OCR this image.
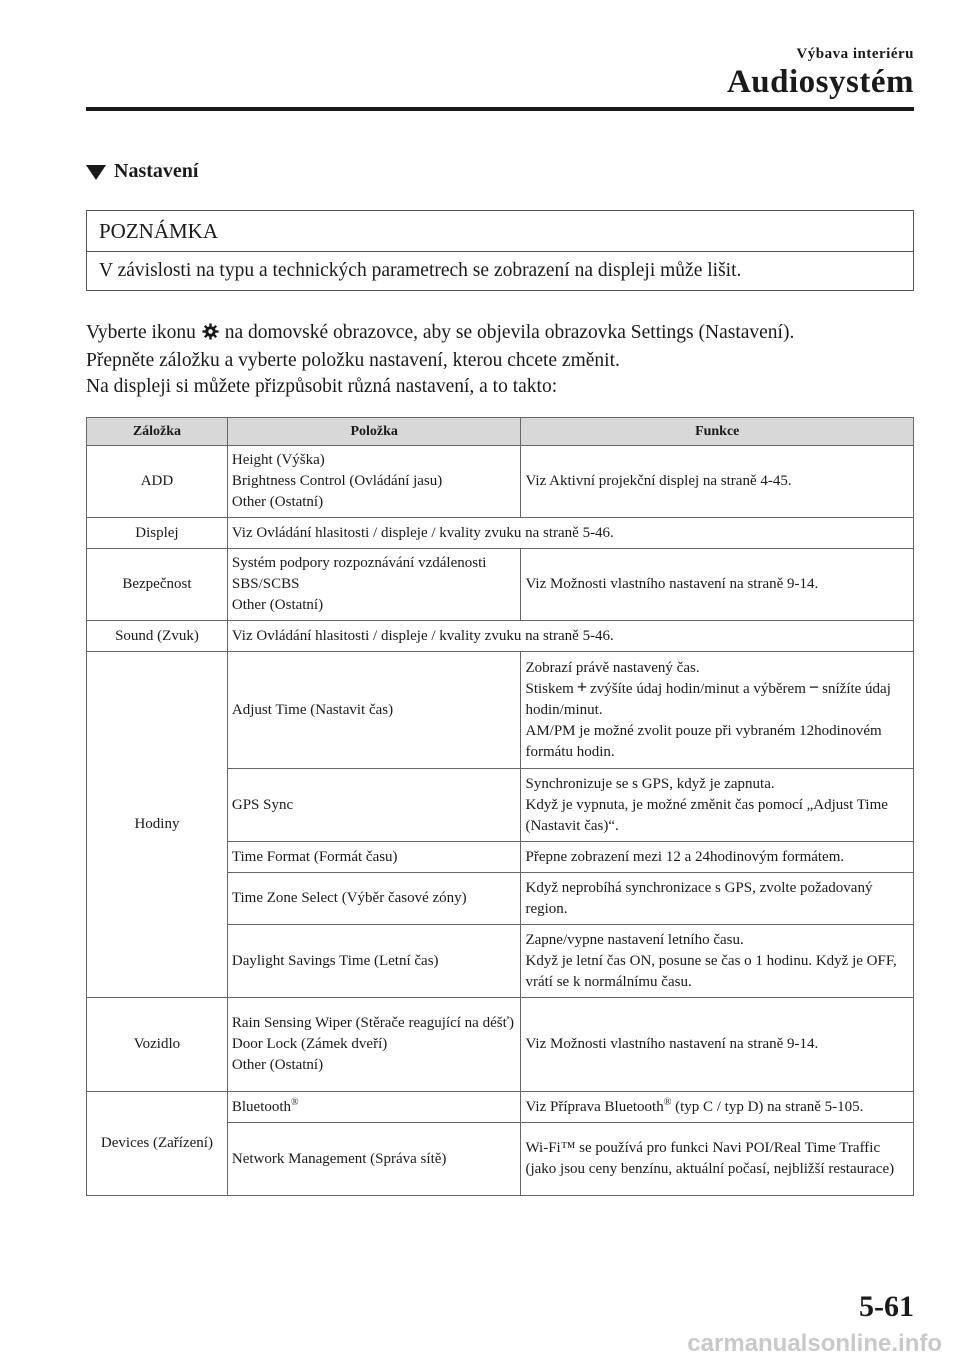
Výbava interiéru
Audiosystém
Nastavení
POZNÁMKA
V závislosti na typu a technických parametrech se zobrazení na displeji může lišit.

Vyberte ikonu na domovské obrazovce, aby se objevila obrazovka Settings (Nastavení).

Přepněte záložku a vyberte položku nastavení, kterou chcete změnit.

Na displeji si můžete přizpůsobit různá nastavení, a to takto:

Záložka	Položka	Funkce
ADD	Height (Výška)
Brightness Control (Ovládání jasu)
Other (Ostatní)	Viz Aktivní projekční displej na straně 4-45.
Displej	Viz Ovládání hlasitosti / displeje / kvality zvuku na straně 5-46.	
Bezpečnost	Systém podpory rozpoznávání vzdálenosti
SBS/SCBS
Other (Ostatní)	Viz Možnosti vlastního nastavení na straně 9-14.
Sound (Zvuk)	Viz Ovládání hlasitosti / displeje / kvality zvuku na straně 5-46.	
Hodiny	Adjust Time (Nastavit čas)	Zobrazí právě nastavený čas.
Stiskem + zvýšíte údaj hodin/minut a výběrem − snížíte údaj hodin/minut.
AM/PM je možné zvolit pouze při vybraném 12hodinovém formátu hodin.

	GPS Sync	Synchronizuje se s GPS, když je zapnuta.
Když je vypnuta, je možné změnit čas pomocí „Adjust Time (Nastavit čas)“.

	Time Format (Formát času)	Přepne zobrazení mezi 12 a 24hodinovým formátem.
	Time Zone Select (Výběr časové zóny)	Když neprobíhá synchronizace s GPS, zvolte požadovaný region.
	Daylight Savings Time (Letní čas)	Zapne/vypne nastavení letního času.
Když je letní čas ON, posune se čas o 1 hodinu. Když je OFF, vrátí se k normálnímu času.

Vozidlo	Rain Sensing Wiper (Stěrače reagující na déšť)
Door Lock (Zámek dveří)
Other (Ostatní)	Viz Možnosti vlastního nastavení na straně 9-14.
Devices (Zařízení)	Bluetooth®	Viz Příprava Bluetooth® (typ C / typ D) na straně 5-105.
	Network Management (Správa sítě)	Wi-Fi™ se používá pro funkci Navi POI/Real Time Traffic (jako jsou ceny benzínu, aktuální počasí, nejbližší restaurace)
5-61
carmanualsonline.info
